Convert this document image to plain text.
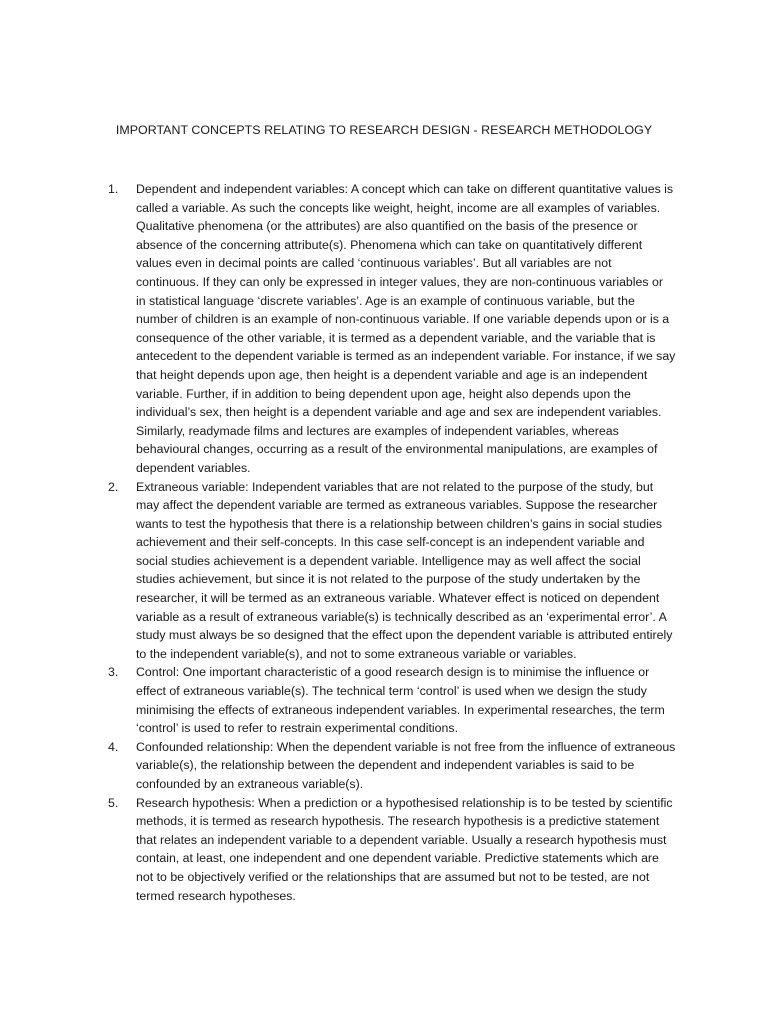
IMPORTANT CONCEPTS RELATING TO RESEARCH DESIGN - RESEARCH METHODOLOGY
1.	Dependent and independent variables: A concept which can take on different quantitative values is called a variable. As such the concepts like weight, height, income are all examples of variables. Qualitative phenomena (or the attributes) are also quantified on the basis of the presence or absence of the concerning attribute(s). Phenomena which can take on quantitatively different values even in decimal points are called ‘continuous variables’. But all variables are not continuous. If they can only be expressed in integer values, they are non-continuous variables or in statistical language ‘discrete variables’. Age is an example of continuous variable, but the number of children is an example of non-continuous variable. If one variable depends upon or is a consequence of the other variable, it is termed as a dependent variable, and the variable that is antecedent to the dependent variable is termed as an independent variable. For instance, if we say that height depends upon age, then height is a dependent variable and age is an independent variable. Further, if in addition to being dependent upon age, height also depends upon the individual’s sex, then height is a dependent variable and age and sex are independent variables. Similarly, readymade films and lectures are examples of independent variables, whereas behavioural changes, occurring as a result of the environmental manipulations, are examples of dependent variables.
2.	Extraneous variable: Independent variables that are not related to the purpose of the study, but may affect the dependent variable are termed as extraneous variables. Suppose the researcher wants to test the hypothesis that there is a relationship between children’s gains in social studies achievement and their self-concepts. In this case self-concept is an independent variable and social studies achievement is a dependent variable. Intelligence may as well affect the social studies achievement, but since it is not related to the purpose of the study undertaken by the researcher, it will be termed as an extraneous variable. Whatever effect is noticed on dependent variable as a result of extraneous variable(s) is technically described as an ‘experimental error’. A study must always be so designed that the effect upon the dependent variable is attributed entirely to the independent variable(s), and not to some extraneous variable or variables.
3.	Control: One important characteristic of a good research design is to minimise the influence or effect of extraneous variable(s). The technical term ‘control’ is used when we design the study minimising the effects of extraneous independent variables. In experimental researches, the term ‘control’ is used to refer to restrain experimental conditions.
4.	Confounded relationship: When the dependent variable is not free from the influence of extraneous variable(s), the relationship between the dependent and independent variables is said to be confounded by an extraneous variable(s).
5.	Research hypothesis: When a prediction or a hypothesised relationship is to be tested by scientific methods, it is termed as research hypothesis. The research hypothesis is a predictive statement that relates an independent variable to a dependent variable. Usually a research hypothesis must contain, at least, one independent and one dependent variable. Predictive statements which are not to be objectively verified or the relationships that are assumed but not to be tested, are not termed research hypotheses.
